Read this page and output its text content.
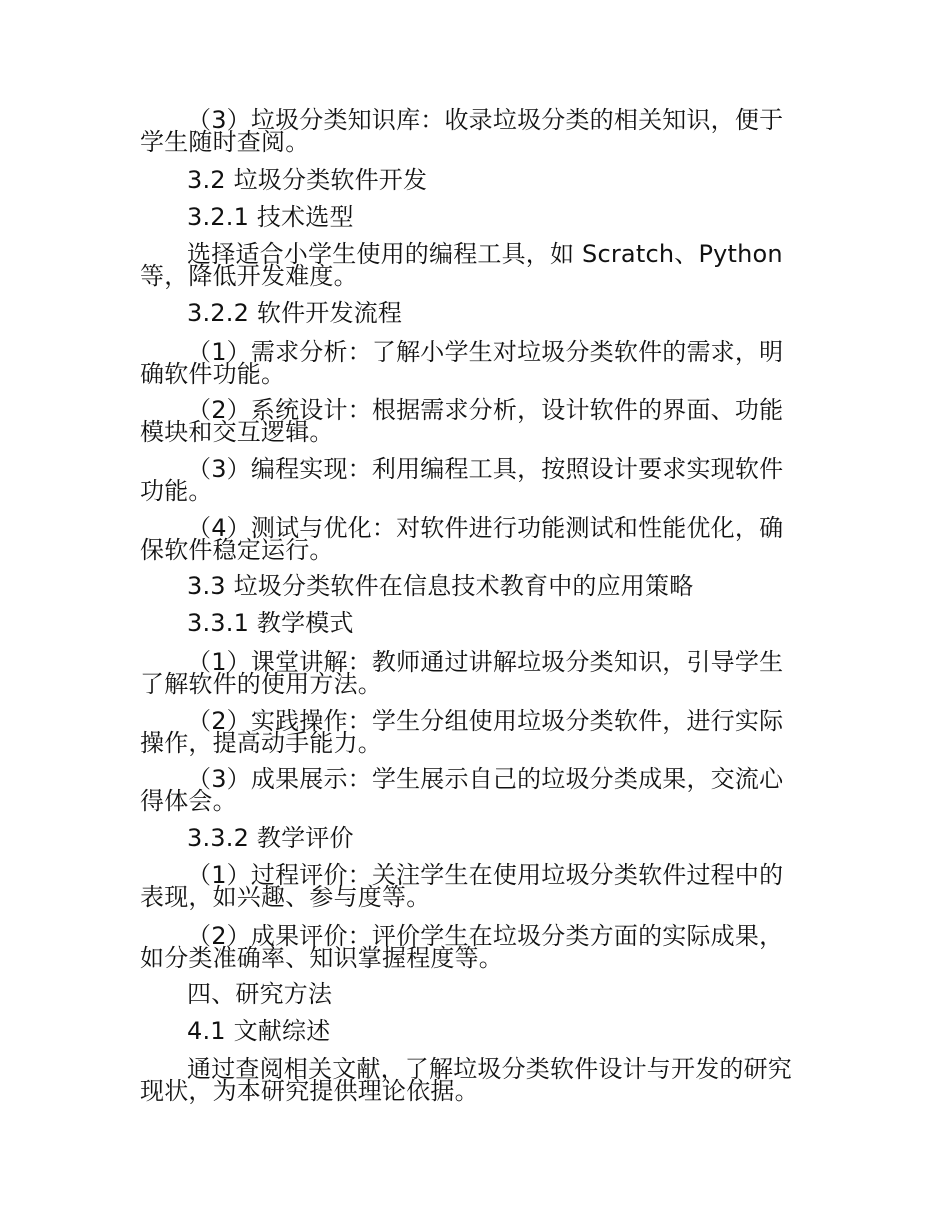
（3）垃圾分类知识库：收录垃圾分类的相关知识，便于
学生随时查阅。
3.2 垃圾分类软件开发
3.2.1 技术选型
选择适合小学生使用的编程工具，如 Scratch、Python
等，降低开发难度。
3.2.2 软件开发流程
（1）需求分析：了解小学生对垃圾分类软件的需求，明
确软件功能。
（2）系统设计：根据需求分析，设计软件的界面、功能
模块和交互逻辑。
（3）编程实现：利用编程工具，按照设计要求实现软件
功能。
（4）测试与优化：对软件进行功能测试和性能优化，确
保软件稳定运行。
3.3 垃圾分类软件在信息技术教育中的应用策略
3.3.1 教学模式
（1）课堂讲解：教师通过讲解垃圾分类知识，引导学生
了解软件的使用方法。
（2）实践操作：学生分组使用垃圾分类软件，进行实际
操作，提高动手能力。
（3）成果展示：学生展示自己的垃圾分类成果，交流心
得体会。
3.3.2 教学评价
（1）过程评价：关注学生在使用垃圾分类软件过程中的
表现，如兴趣、参与度等。
（2）成果评价：评价学生在垃圾分类方面的实际成果，
如分类准确率、知识掌握程度等。
四、研究方法
4.1 文献综述
通过查阅相关文献，了解垃圾分类软件设计与开发的研究
现状，为本研究提供理论依据。
